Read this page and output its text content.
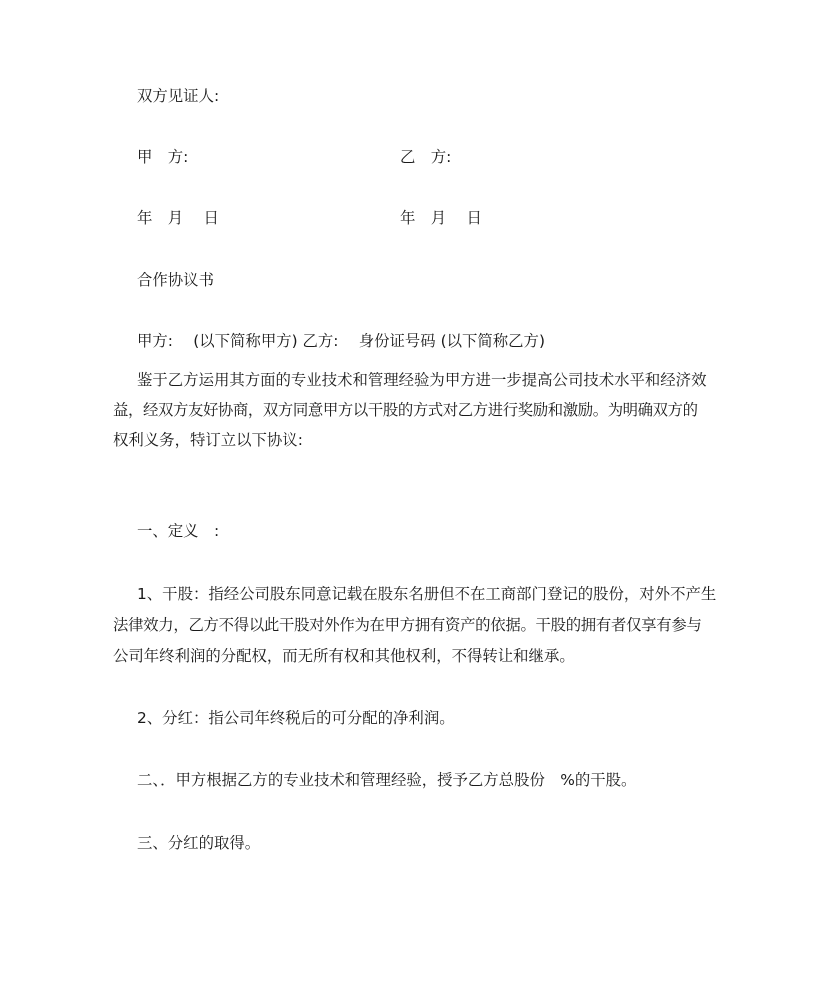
双方见证人:
甲　方:	乙　方:
年　月　 日	年　月　 日
合作协议书
甲方:　 (以下简称甲方) 乙方:　 身份证号码 (以下简称乙方)
鉴于乙方运用其方面的专业技术和管理经验为甲方进一步提高公司技术水平和经济效
益，经双方友好协商，双方同意甲方以干股的方式对乙方进行奖励和激励。为明确双方的
权利义务，特订立以下协议:
一、定义　:
1、干股：指经公司股东同意记载在股东名册但不在工商部门登记的股份，对外不产生
法律效力，乙方不得以此干股对外作为在甲方拥有资产的依据。干股的拥有者仅享有参与
公司年终利润的分配权，而无所有权和其他权利，不得转让和继承。
2、分红：指公司年终税后的可分配的净利润。
二、．甲方根据乙方的专业技术和管理经验，授予乙方总股份　%的干股。
三、分红的取得。
